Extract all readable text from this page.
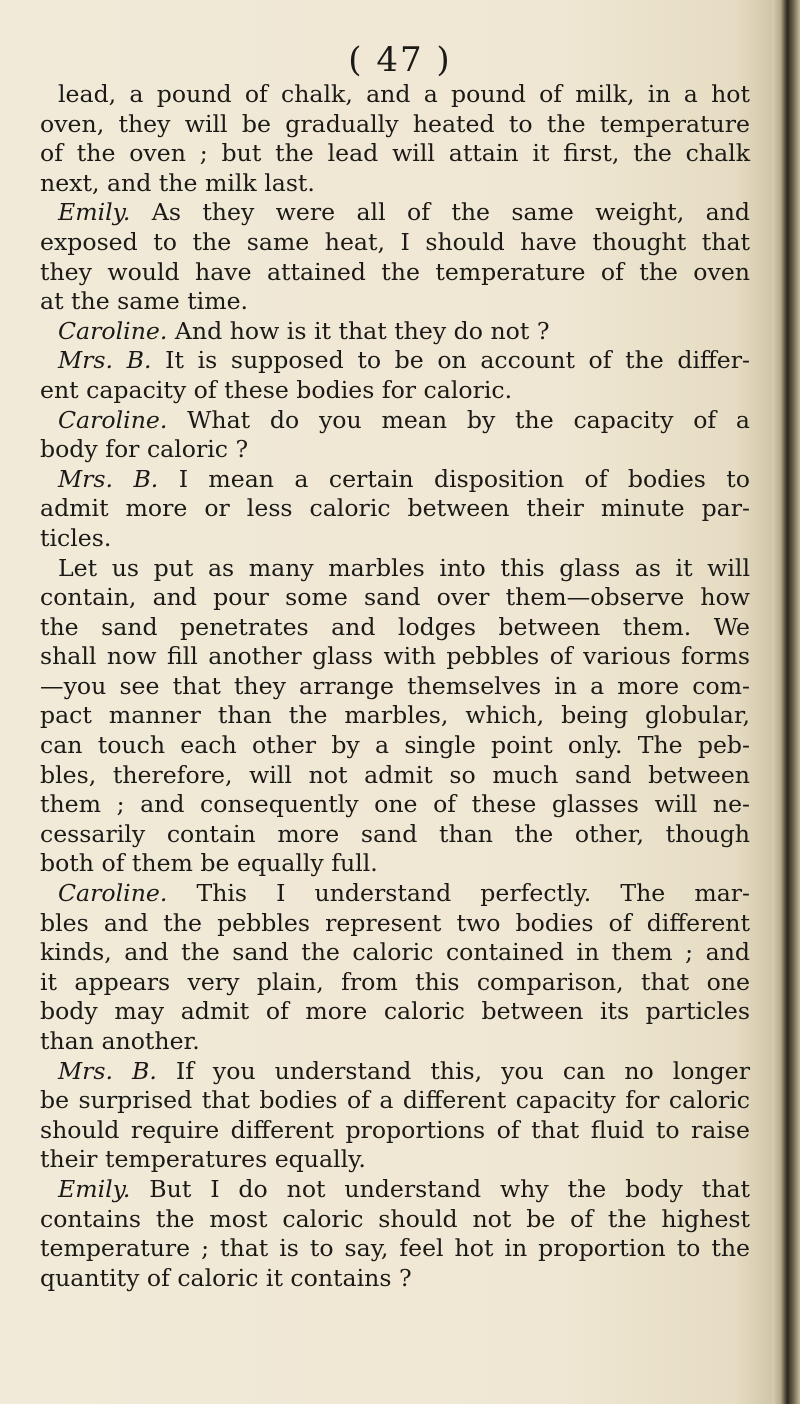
( 47 )
lead, a pound of chalk, and a pound of milk, in a hot
oven, they will be gradually heated to the temperature
of the oven ; but the lead will attain it first, the chalk
next, and the milk last.
Emily. As they were all of the same weight, and
exposed to the same heat, I should have thought that
they would have attained the temperature of the oven
at the same time.
Caroline. And how is it that they do not ?
Mrs. B. It is supposed to be on account of the differ-
ent capacity of these bodies for caloric.
Caroline. What do you mean by the capacity of a
body for caloric ?
Mrs. B. I mean a certain disposition of bodies to
admit more or less caloric between their minute par-
ticles.
Let us put as many marbles into this glass as it will
contain, and pour some sand over them—observe how
the sand penetrates and lodges between them. We
shall now fill another glass with pebbles of various forms
—you see that they arrange themselves in a more com-
pact manner than the marbles, which, being globular,
can touch each other by a single point only. The peb-
bles, therefore, will not admit so much sand between
them ; and consequently one of these glasses will ne-
cessarily contain more sand than the other, though
both of them be equally full.
Caroline. This I understand perfectly. The mar-
bles and the pebbles represent two bodies of different
kinds, and the sand the caloric contained in them ; and
it appears very plain, from this comparison, that one
body may admit of more caloric between its particles
than another.
Mrs. B. If you understand this, you can no longer
be surprised that bodies of a different capacity for caloric
should require different proportions of that fluid to raise
their temperatures equally.
Emily. But I do not understand why the body that
contains the most caloric should not be of the highest
temperature ; that is to say, feel hot in proportion to the
quantity of caloric it contains ?
